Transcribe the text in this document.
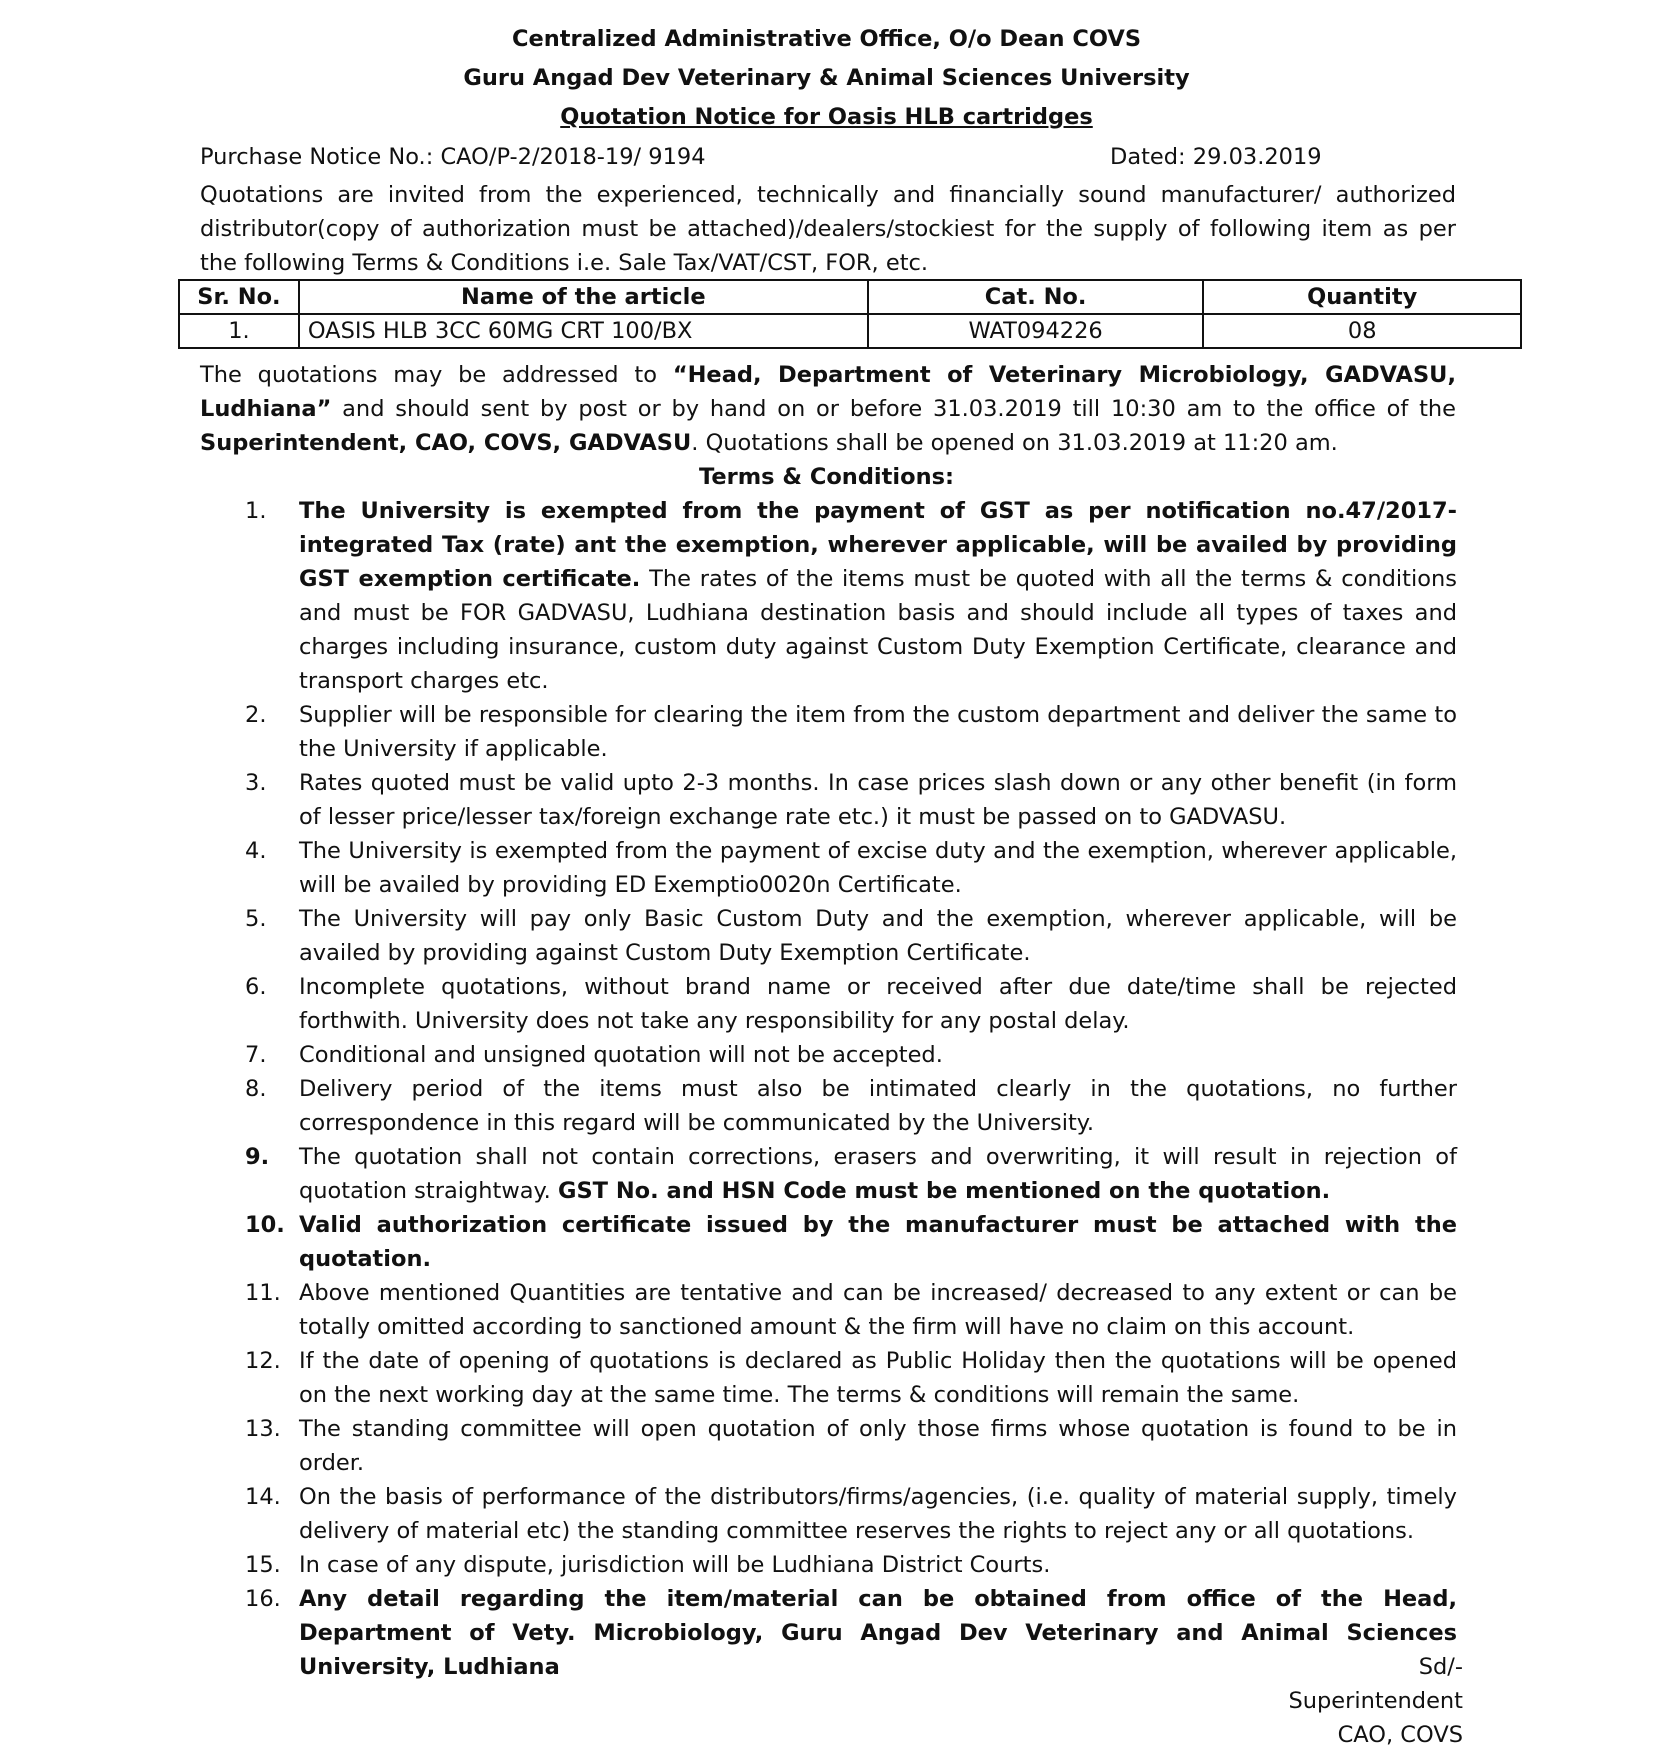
Centralized Administrative Office, O/o Dean COVS
Guru Angad Dev Veterinary & Animal Sciences University
Quotation Notice for Oasis HLB cartridges
Purchase Notice No.: CAO/P-2/2018-19/ 9194	Dated: 29.03.2019

Quotations are invited from the experienced, technically and financially sound manufacturer/ authorized distributor(copy of authorization must be attached)/dealers/stockiest for the supply of following item as per the following Terms & Conditions i.e. Sale Tax/VAT/CST, FOR, etc.

Sr. No.	Name of the article	Cat. No.	Quantity
1.	OASIS HLB 3CC 60MG CRT 100/BX	WAT094226	08

The quotations may be addressed to “Head, Department of Veterinary Microbiology, GADVASU, Ludhiana” and should sent by post or by hand on or before 31.03.2019 till 10:30 am to the office of the Superintendent, CAO, COVS, GADVASU. Quotations shall be opened on 31.03.2019 at 11:20 am.

Terms & Conditions:
1.	The University is exempted from the payment of GST as per notification no.47/2017-integrated Tax (rate) ant the exemption, wherever applicable, will be availed by providing GST exemption certificate. The rates of the items must be quoted with all the terms & conditions and must be FOR GADVASU, Ludhiana destination basis and should include all types of taxes and charges including insurance, custom duty against Custom Duty Exemption Certificate, clearance and transport charges etc.
2.	Supplier will be responsible for clearing the item from the custom department and deliver the same to the University if applicable.
3.	Rates quoted must be valid upto 2-3 months. In case prices slash down or any other benefit (in form of lesser price/lesser tax/foreign exchange rate etc.) it must be passed on to GADVASU.
4.	The University is exempted from the payment of excise duty and the exemption, wherever applicable, will be availed by providing ED Exemptio0020n Certificate.
5.	The University will pay only Basic Custom Duty and the exemption, wherever applicable, will be availed by providing against Custom Duty Exemption Certificate.
6.	Incomplete quotations, without brand name or received after due date/time shall be rejected forthwith. University does not take any responsibility for any postal delay.
7.	Conditional and unsigned quotation will not be accepted.
8.	Delivery period of the items must also be intimated clearly in the quotations, no further correspondence in this regard will be communicated by the University.
9.	The quotation shall not contain corrections, erasers and overwriting, it will result in rejection of quotation straightway. GST No. and HSN Code must be mentioned on the quotation.
10. Valid authorization certificate issued by the manufacturer must be attached with the quotation.
11. Above mentioned Quantities are tentative and can be increased/ decreased to any extent or can be totally omitted according to sanctioned amount & the firm will have no claim on this account.
12. If the date of opening of quotations is declared as Public Holiday then the quotations will be opened on the next working day at the same time. The terms & conditions will remain the same.
13. The standing committee will open quotation of only those firms whose quotation is found to be in order.
14. On the basis of performance of the distributors/firms/agencies, (i.e. quality of material supply, timely delivery of material etc) the standing committee reserves the rights to reject any or all quotations.
15. In case of any dispute, jurisdiction will be Ludhiana District Courts.
16. Any detail regarding the item/material can be obtained from office of the Head, Department of Vety. Microbiology, Guru Angad Dev Veterinary and Animal Sciences University, Ludhiana	Sd/-
Superintendent
CAO, COVS
